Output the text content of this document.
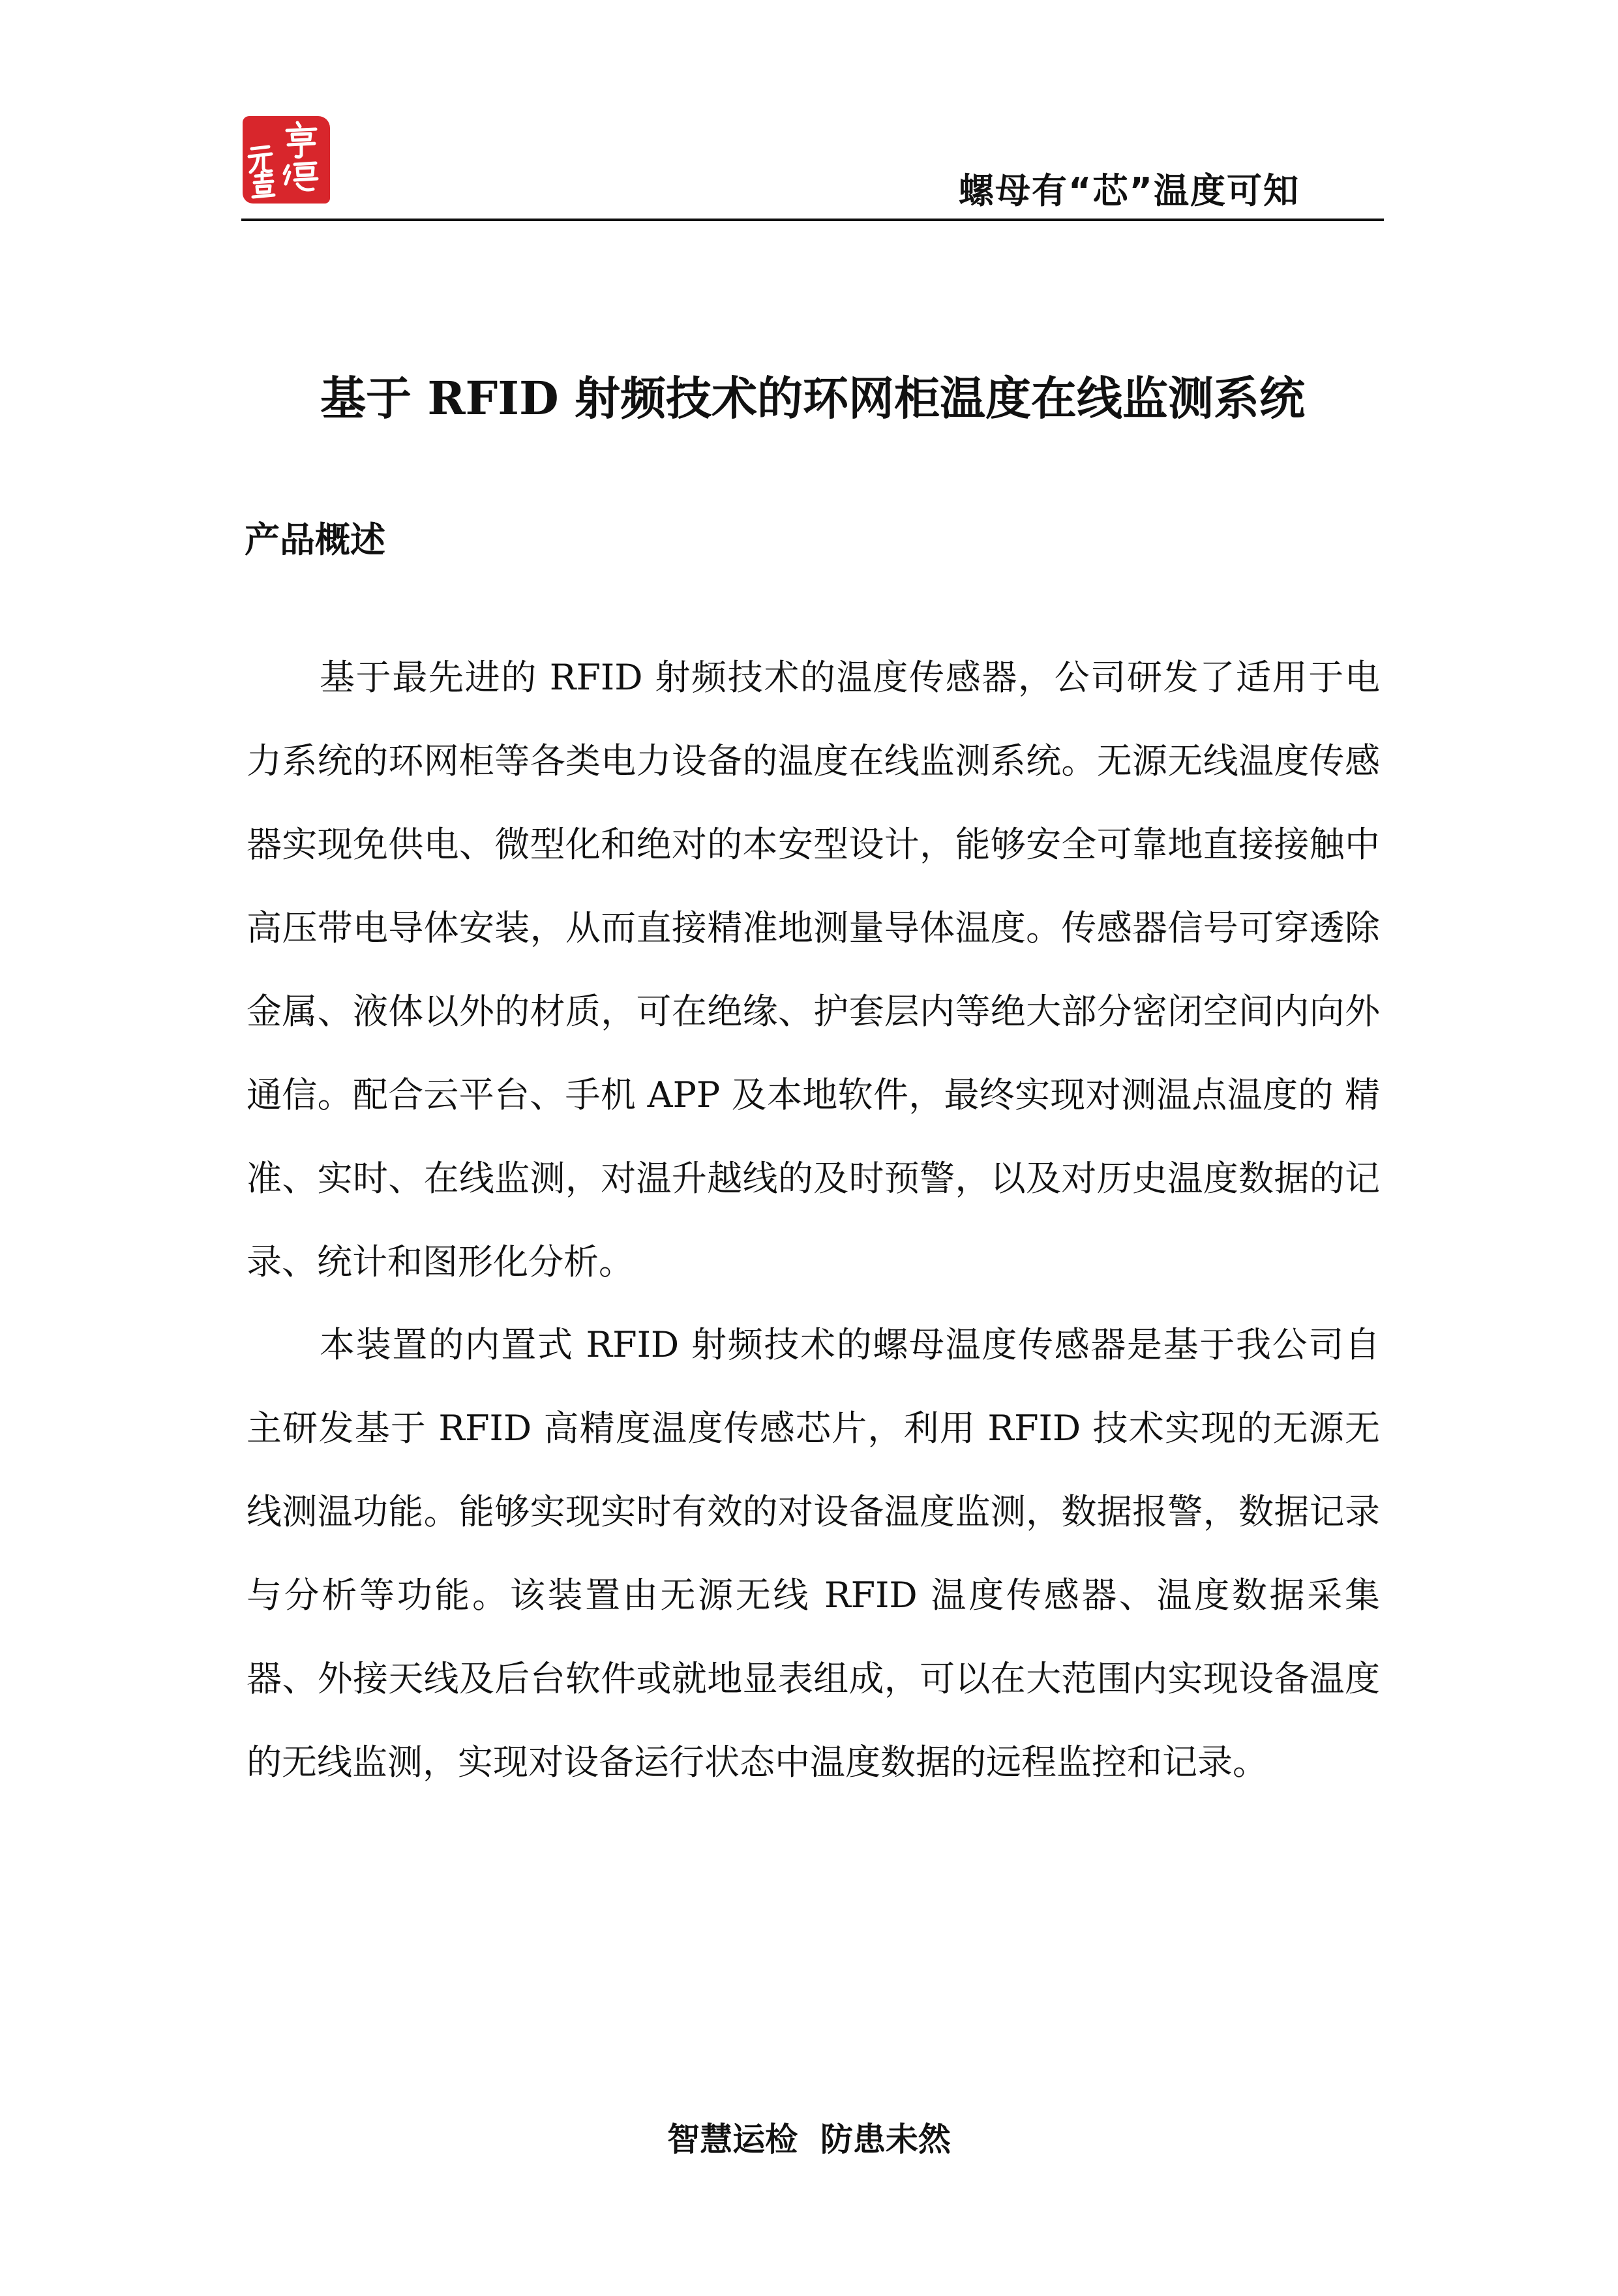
螺母有“芯”温度可知
基于 RFID 射频技术的环网柜温度在线监测系统
产品概述

基于最先进的 RFID 射频技术的温度传感器，公司研发了适用于电力系统的环网柜等各类电力设备的温度在线监测系统。无源无线温度传感器实现免供电、微型化和绝对的本安型设计，能够安全可靠地直接接触中高压带电导体安装，从而直接精准地测量导体温度。传感器信号可穿透除金属、液体以外的材质，可在绝缘、护套层内等绝大部分密闭空间内向外通信。配合云平台、手机 APP 及本地软件，最终实现对测温点温度的 精准、实时、在线监测，对温升越线的及时预警，以及对历史温度数据的记录、统计和图形化分析。

本装置的内置式 RFID 射频技术的螺母温度传感器是基于我公司自主研发基于 RFID 高精度温度传感芯片，利用 RFID 技术实现的无源无线测温功能。能够实现实时有效的对设备温度监测，数据报警，数据记录与分析等功能。该装置由无源无线 RFID 温度传感器、温度数据采集器、外接天线及后台软件或就地显表组成，可以在大范围内实现设备温度的无线监测，实现对设备运行状态中温度数据的远程监控和记录。

智慧运检  防患未然
